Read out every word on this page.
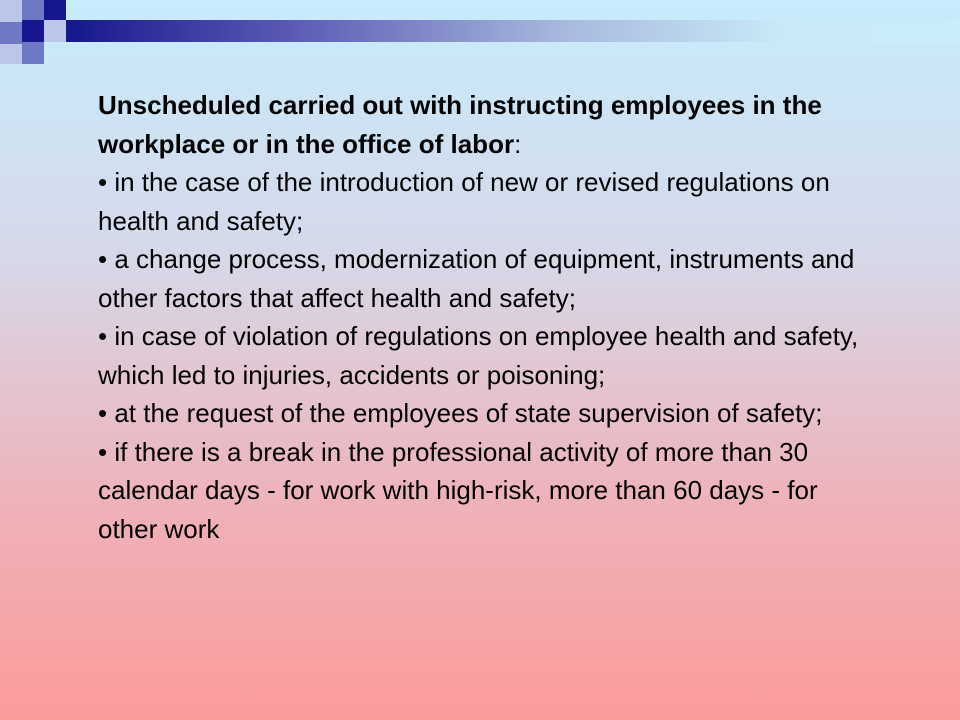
Unscheduled carried out with instructing employees in the workplace or in the office of labor:

• in the case of the introduction of new or revised regulations on health and safety;

• a change process, modernization of equipment, instruments and other factors that affect health and safety;

• in case of violation of regulations on employee health and safety, which led to injuries, accidents or poisoning;

• at the request of the employees of state supervision of safety;

• if there is a break in the professional activity of more than 30 calendar days - for work with high-risk, more than 60 days - for other work
